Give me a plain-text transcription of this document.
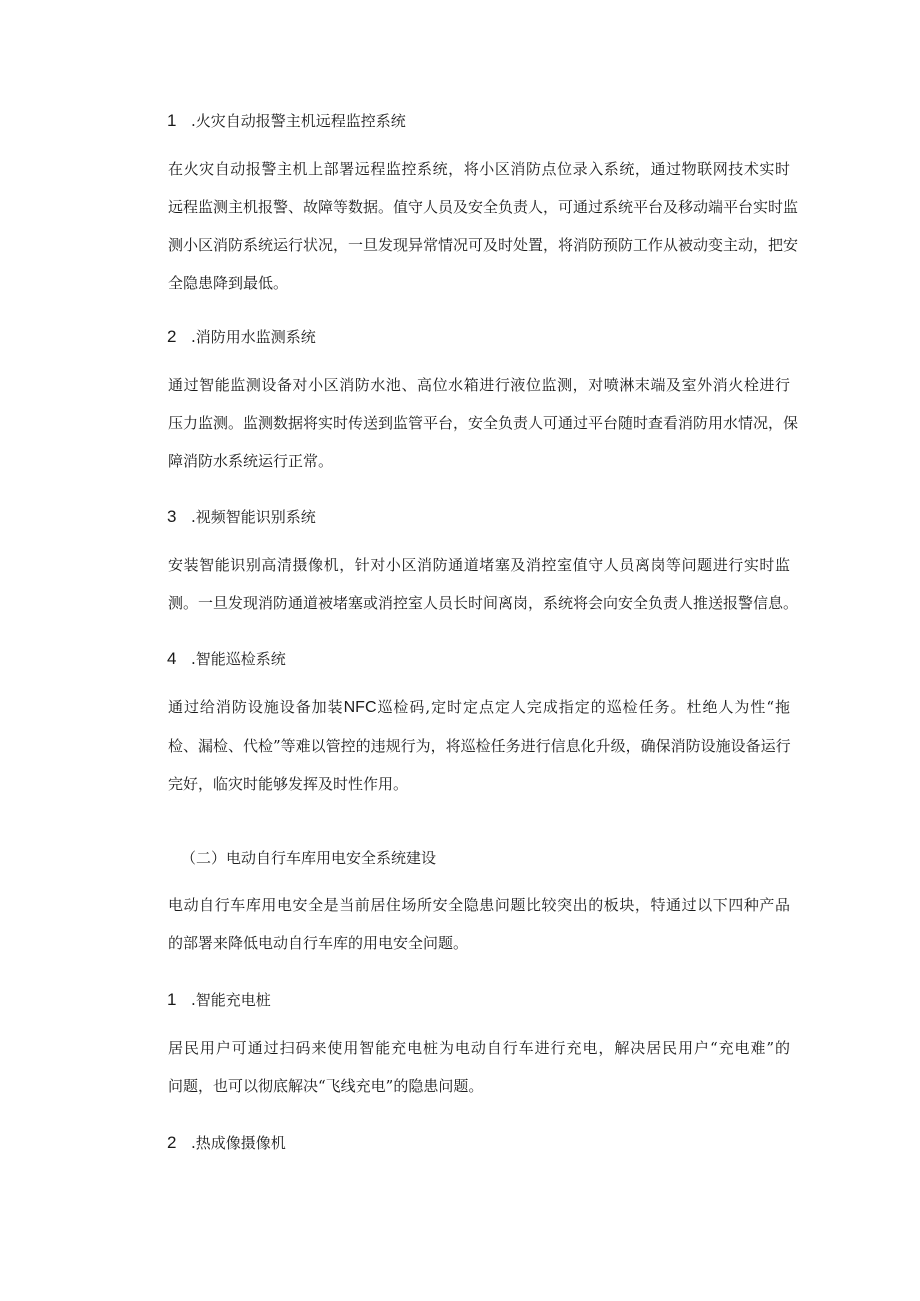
1 .火灾自动报警主机远程监控系统
在火灾自动报警主机上部署远程监控系统，将小区消防点位录入系统，通过物联网技术实时
远程监测主机报警、故障等数据。值守人员及安全负责人，可通过系统平台及移动端平台实时监
测小区消防系统运行状况，一旦发现异常情况可及时处置，将消防预防工作从被动变主动，把安
全隐患降到最低。
2 .消防用水监测系统
通过智能监测设备对小区消防水池、高位水箱进行液位监测，对喷淋末端及室外消火栓进行
压力监测。监测数据将实时传送到监管平台，安全负责人可通过平台随时查看消防用水情况，保
障消防水系统运行正常。
3 .视频智能识别系统
安装智能识别高清摄像机，针对小区消防通道堵塞及消控室值守人员离岗等问题进行实时监
测。一旦发现消防通道被堵塞或消控室人员长时间离岗，系统将会向安全负责人推送报警信息。
4 .智能巡检系统
通过给消防设施设备加装NFC巡检码,定时定点定人完成指定的巡检任务。杜绝人为性“拖
检、漏检、代检”等难以管控的违规行为，将巡检任务进行信息化升级，确保消防设施设备运行
完好，临灾时能够发挥及时性作用。
（二）电动自行车库用电安全系统建设
电动自行车库用电安全是当前居住场所安全隐患问题比较突出的板块，特通过以下四种产品
的部署来降低电动自行车库的用电安全问题。
1 .智能充电桩
居民用户可通过扫码来使用智能充电桩为电动自行车进行充电，解决居民用户“充电难”的
问题，也可以彻底解决“飞线充电”的隐患问题。
2 .热成像摄像机
